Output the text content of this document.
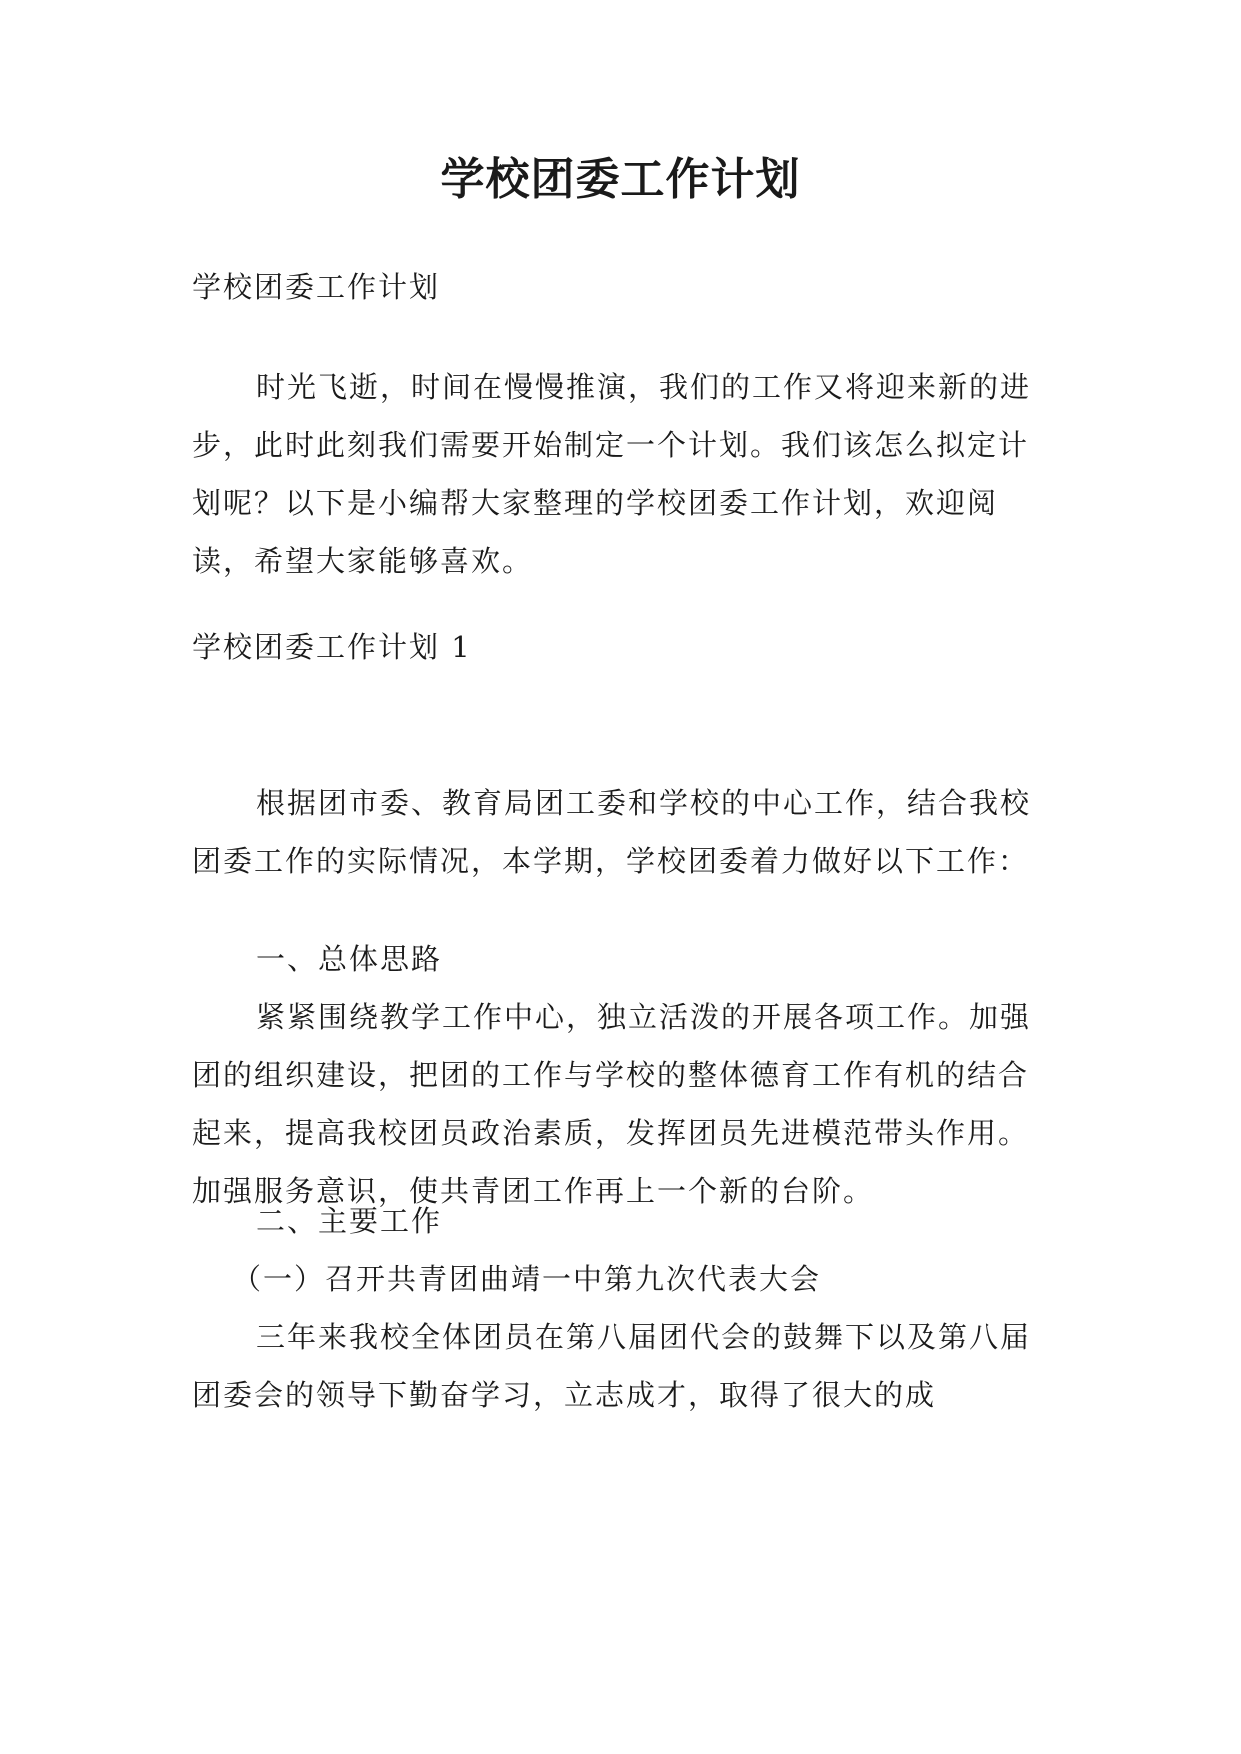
学校团委工作计划

学校团委工作计划

时光飞逝，时间在慢慢推演，我们的工作又将迎来新的进步，此时此刻我们需要开始制定一个计划。我们该怎么拟定计划呢？以下是小编帮大家整理的学校团委工作计划，欢迎阅读，希望大家能够喜欢。

学校团委工作计划 1

根据团市委、教育局团工委和学校的中心工作，结合我校团委工作的实际情况，本学期，学校团委着力做好以下工作：

一、总体思路

紧紧围绕教学工作中心，独立活泼的开展各项工作。加强团的组织建设，把团的工作与学校的整体德育工作有机的结合起来，提高我校团员政治素质，发挥团员先进模范带头作用。加强服务意识，使共青团工作再上一个新的台阶。

二、主要工作

（一）召开共青团曲靖一中第九次代表大会

三年来我校全体团员在第八届团代会的鼓舞下以及第八届团委会的领导下勤奋学习，立志成才，取得了很大的成
